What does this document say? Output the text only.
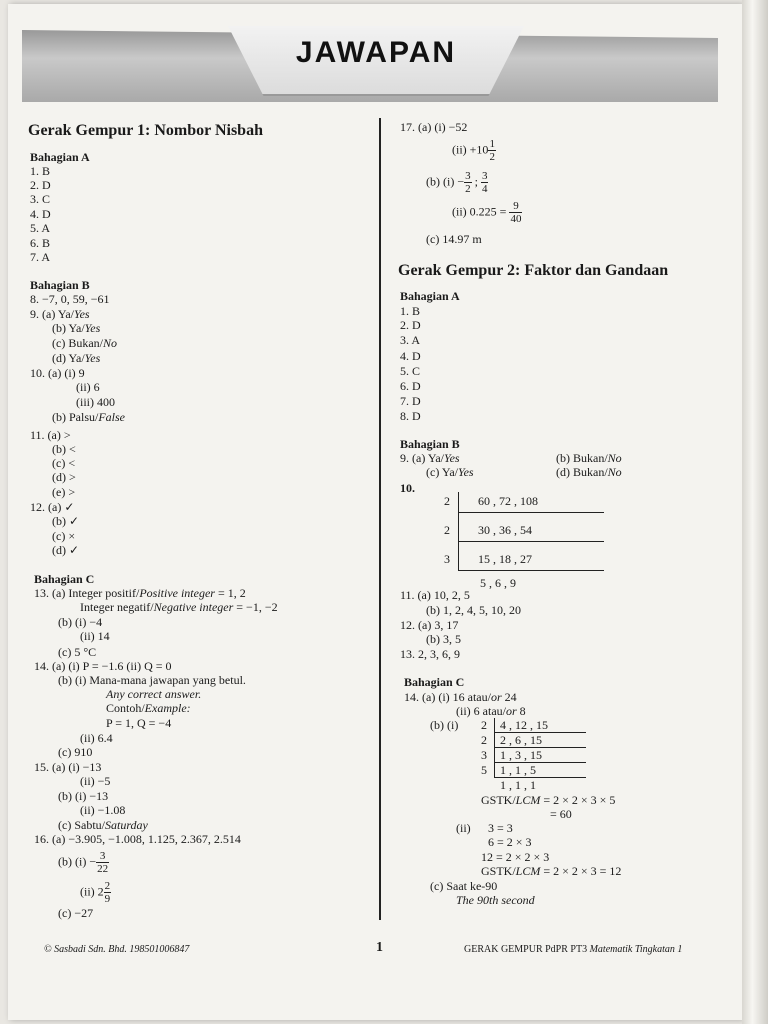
JAWAPAN
Gerak Gempur 1: Nombor Nisbah
Bahagian A
1. B
2. D
3. C
4. D
5. A
6. B
7. A
Bahagian B
8. −7, 0, 59, −61
9. (a) Ya/Yes
(b) Ya/Yes
(c) Bukan/No
(d) Ya/Yes
10. (a) (i) 9
(ii) 6
(iii) 400
(b) Palsu/False
11. (a) >
(b) <
(c) <
(d) >
(e) >
12. (a) ✓
(b) ✓
(c) ×
(d) ✓
Bahagian C
13. (a) Integer positif/Positive integer = 1, 2
Integer negatif/Negative integer = −1, −2
(b) (i) −4
(ii) 14
(c) 5 °C
14. (a) (i) P = −1.6 (ii) Q = 0
(b) (i) Mana-mana jawapan yang betul.
Any correct answer.
Contoh/Example:
P = 1, Q = −4
(ii) 6.4
(c) 910
15. (a) (i) −13
(ii) −5
(b) (i) −13
(ii) −1.08
(c) Sabtu/Saturday
16. (a) −3.905, −1.008, 1.125, 2.367, 2.514
(b) $(i) - \frac{3}{22}$
(ii) $2 \frac{2}{9}$
(c) −27
17. (a) (i) −52
$(ii) +10 \frac{1}{2}$
(b) $(i) - \frac{3}{2}$ ; $\frac{3}{4}$
(ii) $0.225 = \frac{9}{40}$
(c) 14.97 m
Gerak Gempur 2: Faktor dan Gandaan
Bahagian A
1. B
2. D
3. A
4. D
5. C
6. D
7. D
8. D
Bahagian B
9. (a) Ya/Yes	(b) Bukan/No
(c) Ya/Yes	(d) Bukan/No
10.
2 60 , 72 , 108
2 30 , 36 , 54
3 15 , 18 , 27
5 , 6 , 9
11. (a) 10, 2, 5
(b) 1, 2, 4, 5, 10, 20
12. (a) 3, 17
(b) 3, 5
13. 2, 3, 6, 9
Bahagian C
14. (a) (i) 16 atau/or 24
(ii) 6 atau/or 8
(b) (i) 2 4 , 12 , 15
2 2 , 6 , 15
3 1 , 3 , 15
5 1 , 1 , 5
1 , 1 , 1
GSTK/LCM = 2 × 2 × 3 × 5
= 60
(ii) 3 = 3
6 = 2 × 3
12 = 2 × 2 × 3
GSTK/LCM = 2 × 2 × 3 = 12
(c) Saat ke-90
The 90th second
© Sasbadi Sdn. Bhd. 198501006847	1	GERAK GEMPUR PdPR PT3 Matematik Tingkatan 1
